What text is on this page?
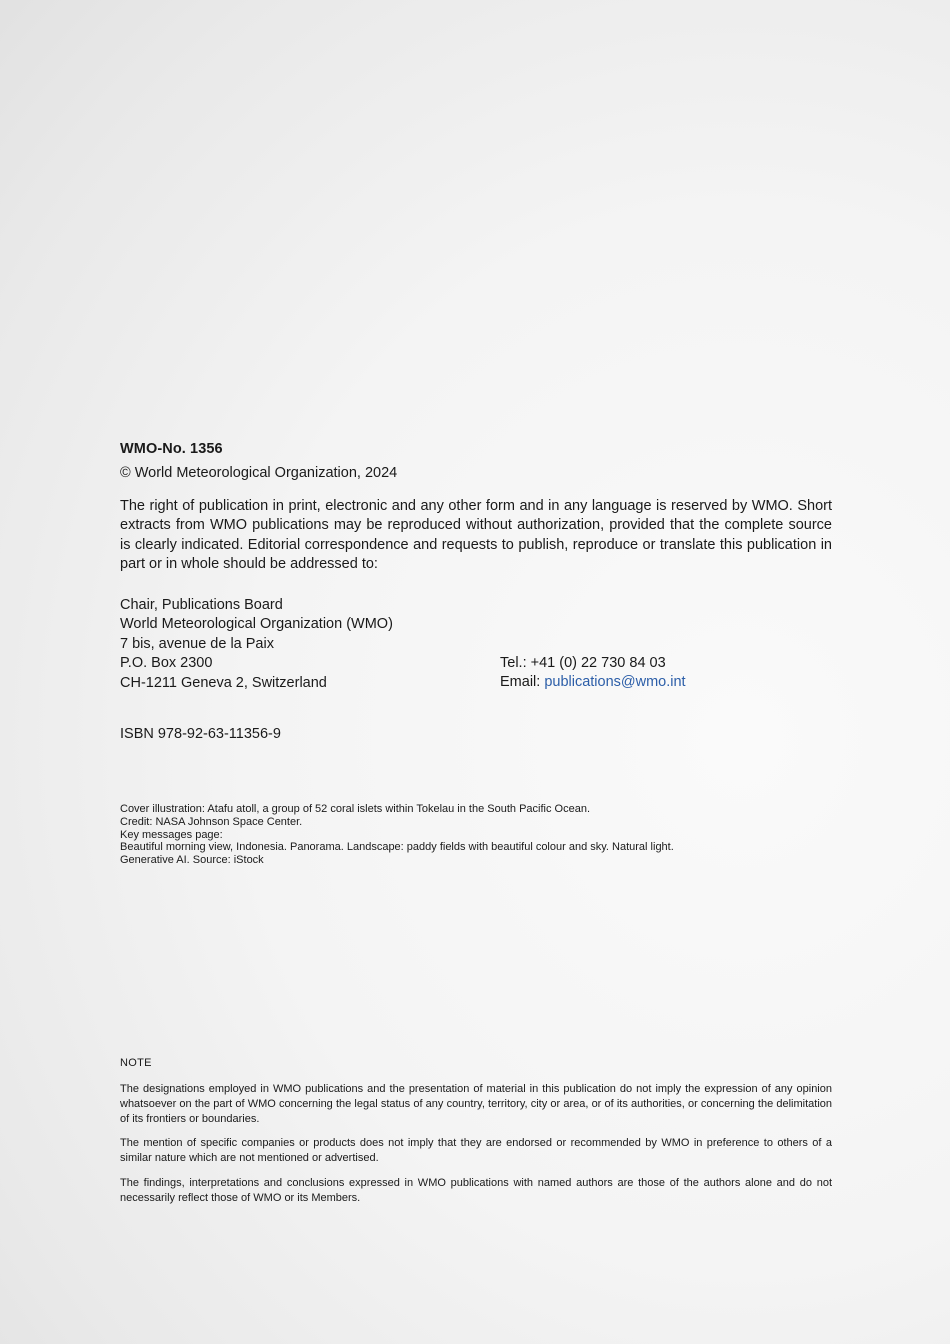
WMO-No. 1356
© World Meteorological Organization, 2024
The right of publication in print, electronic and any other form and in any language is reserved by WMO. Short extracts from WMO publications may be reproduced without authorization, provided that the complete source is clearly indicated. Editorial correspondence and requests to publish, reproduce or translate this publication in part or in whole should be addressed to:
Chair, Publications Board
World Meteorological Organization (WMO)
7 bis, avenue de la Paix
P.O. Box 2300
CH-1211 Geneva 2, Switzerland
Tel.: +41 (0) 22 730 84 03
Email: publications@wmo.int
ISBN 978-92-63-11356-9
Cover illustration: Atafu atoll, a group of 52 coral islets within Tokelau in the South Pacific Ocean.
Credit: NASA Johnson Space Center.
Key messages page:
Beautiful morning view, Indonesia. Panorama. Landscape: paddy fields with beautiful colour and sky. Natural light.
Generative AI. Source: iStock
NOTE
The designations employed in WMO publications and the presentation of material in this publication do not imply the expression of any opinion whatsoever on the part of WMO concerning the legal status of any country, territory, city or area, or of its authorities, or concerning the delimitation of its frontiers or boundaries.
The mention of specific companies or products does not imply that they are endorsed or recommended by WMO in preference to others of a similar nature which are not mentioned or advertised.
The findings, interpretations and conclusions expressed in WMO publications with named authors are those of the authors alone and do not necessarily reflect those of WMO or its Members.
